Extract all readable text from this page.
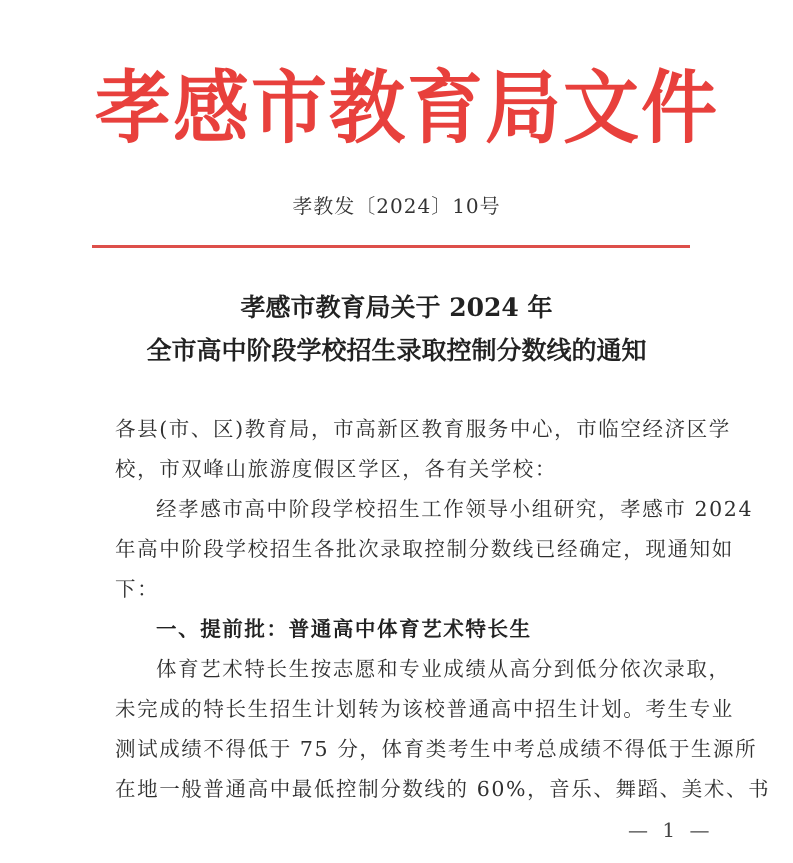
孝感市教育局文件
孝教发〔2024〕10号
孝感市教育局关于 2024 年
全市高中阶段学校招生录取控制分数线的通知
各县(市、区)教育局，市高新区教育服务中心，市临空经济区学
校，市双峰山旅游度假区学区，各有关学校：
经孝感市高中阶段学校招生工作领导小组研究，孝感市 2024
年高中阶段学校招生各批次录取控制分数线已经确定，现通知如
下：
一、提前批：普通高中体育艺术特长生
体育艺术特长生按志愿和专业成绩从高分到低分依次录取，
未完成的特长生招生计划转为该校普通高中招生计划。考生专业
测试成绩不得低于 75 分，体育类考生中考总成绩不得低于生源所
在地一般普通高中最低控制分数线的 60%，音乐、舞蹈、美术、书
— 1 —
